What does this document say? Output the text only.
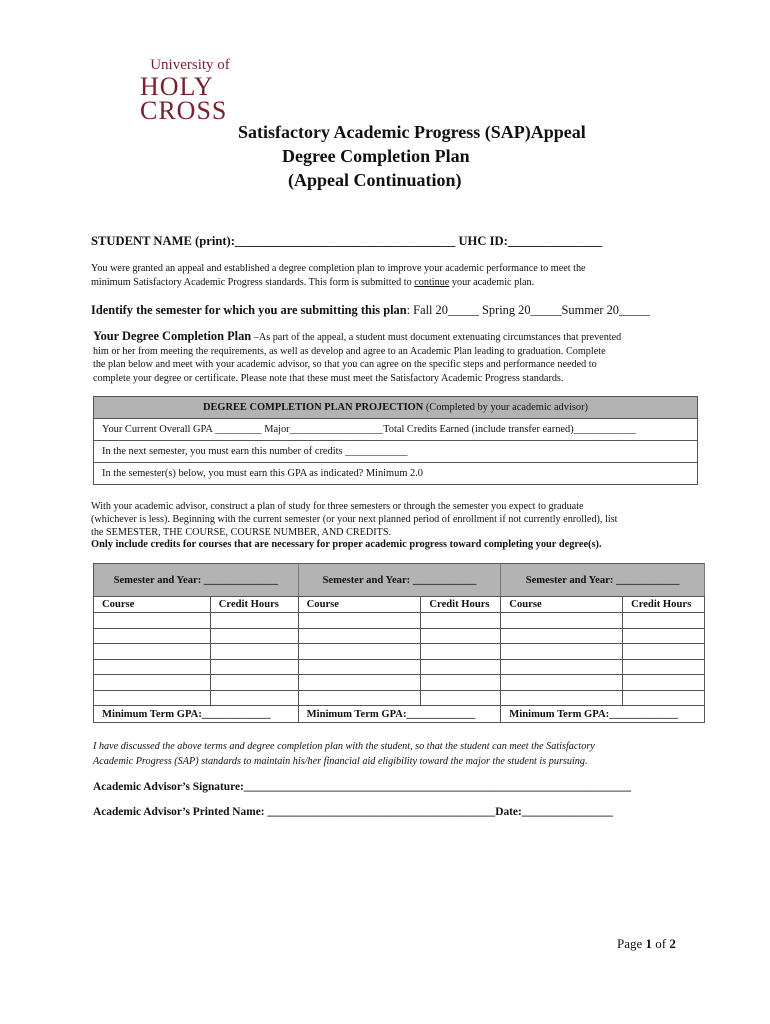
University of
HOLY
CROSS
Satisfactory Academic Progress (SAP)Appeal
Degree Completion Plan
(Appeal Continuation)
STUDENT NAME (print):___________________________________ UHC ID:_______________
You were granted an appeal and established a degree completion plan to improve your academic performance to meet the
minimum Satisfactory Academic Progress standards. This form is submitted to continue your academic plan.
Identify the semester for which you are submitting this plan: Fall 20_____ Spring 20_____Summer 20_____
Your Degree Completion Plan –As part of the appeal, a student must document extenuating circumstances that prevented
him or her from meeting the requirements, as well as develop and agree to an Academic Plan leading to graduation. Complete
the plan below and meet with your academic advisor, so that you can agree on the specific steps and performance needed to
complete your degree or certificate. Please note that these must meet the Satisfactory Academic Progress standards.
DEGREE COMPLETION PLAN PROJECTION (Completed by your academic advisor)
Your Current Overall GPA _________ Major__________________Total Credits Earned (include transfer earned)____________
In the next semester, you must earn this number of credits ____________
In the semester(s) below, you must earn this GPA as indicated? Minimum 2.0
With your academic advisor, construct a plan of study for three semesters or through the semester you expect to graduate
(whichever is less). Beginning with the current semester (or your next planned period of enrollment if not currently enrolled), list
the SEMESTER, THE COURSE, COURSE NUMBER, AND CREDITS.
Only include credits for courses that are necessary for proper academic progress toward completing your degree(s).
Semester and Year: ______________		Semester and Year: ____________		Semester and Year: ____________	
Course	Credit Hours	Course	Credit Hours	Course	Credit Hours

Minimum Term GPA:_____________		Minimum Term GPA:_____________		Minimum Term GPA:_____________	
I have discussed the above terms and degree completion plan with the student, so that the student can meet the Satisfactory
Academic Progress (SAP) standards to maintain his/her financial aid eligibility toward the major the student is pursuing.
Academic Advisor’s Signature:____________________________________________________________________
Academic Advisor’s Printed Name: ________________________________________Date:________________
Page 1 of 2
